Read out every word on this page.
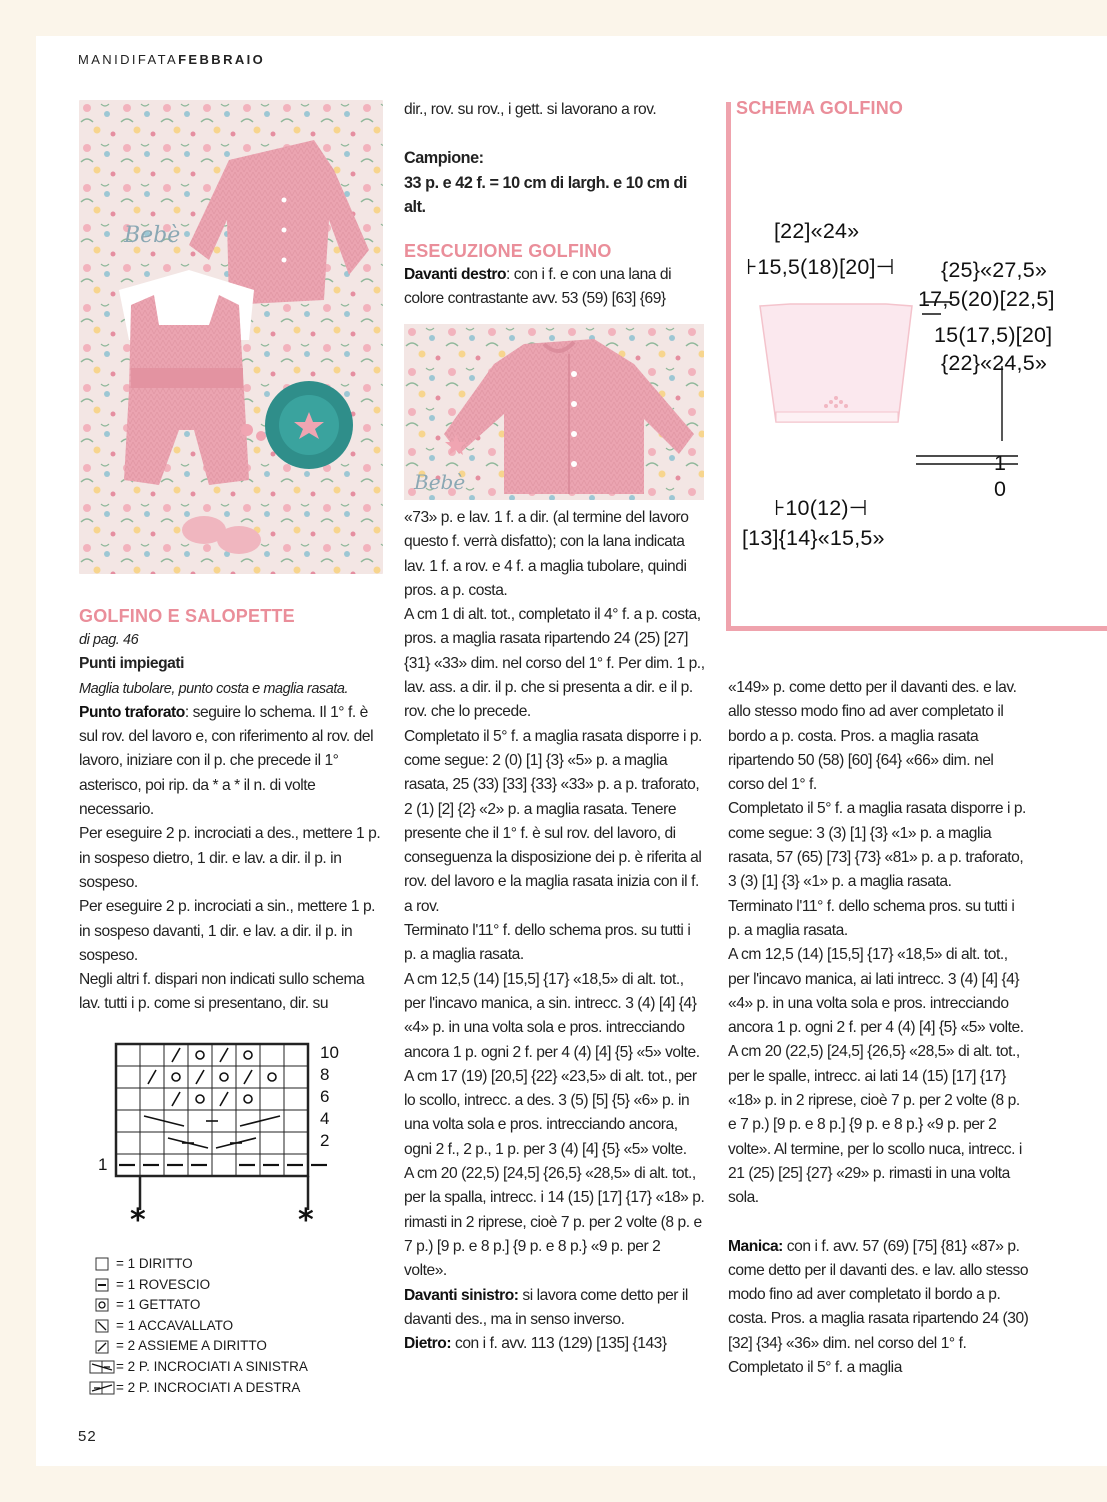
MANIDIFATAFEBBRAIO
Bebè

GOLFINO E SALOPETTE

di pag. 46

Punti impiegati

Maglia tubolare, punto costa e maglia rasata.

Punto traforato: seguire lo schema. Il 1° f. è sul rov. del lavoro e, con riferimento al rov. del lavoro, iniziare con il p. che precede il 1° asterisco, poi rip. da * a * il n. di volte necessario.

Per eseguire 2 p. incrociati a des., mettere 1 p. in sospeso dietro, 1 dir. e lav. a dir. il p. in sospeso.

Per eseguire 2 p. incrociati a sin., mettere 1 p. in sospeso davanti, 1 dir. e lav. a dir. il p. in sospeso.

Negli altri f. dispari non indicati sullo schema lav. tutti i p. come si presentano, dir. su

10
8
6
4
2
1
*	*
= 1 DIRITTO
= 1 ROVESCIO
= 1 GETTATO
= 1 ACCAVALLATO
= 2 ASSIEME A DIRITTO
= 2 P. INCROCIATI A SINISTRA
= 2 P. INCROCIATI A DESTRA

dir., rov. su rov., i gett. si lavorano a rov.

Campione:

33 p. e 42 f. = 10 cm di largh. e 10 cm di alt.

ESECUZIONE GOLFINO

Davanti destro: con i f. e con una lana di colore contrastante avv. 53 (59) [63] {69}

Bebè

«73» p. e lav. 1 f. a dir. (al termine del lavoro questo f. verrà disfatto); con la lana indicata lav. 1 f. a rov. e 4 f. a maglia tubolare, quindi pros. a p. costa.

A cm 1 di alt. tot., completato il 4° f. a p. costa, pros. a maglia rasata ripartendo 24 (25) [27] {31} «33» dim. nel corso del 1° f. Per dim. 1 p., lav. ass. a dir. il p. che si presenta a dir. e il p. rov. che lo precede.

Completato il 5° f. a maglia rasata disporre i p. come segue: 2 (0) [1] {3} «5» p. a maglia rasata, 25 (33) [33] {33} «33» p. a p. traforato, 2 (1) [2] {2} «2» p. a maglia rasata. Tenere presente che il 1° f. è sul rov. del lavoro, di conseguenza la disposizione dei p. è riferita al rov. del lavoro e la maglia rasata inizia con il f. a rov.

Terminato l'11° f. dello schema pros. su tutti i p. a maglia rasata.

A cm 12,5 (14) [15,5] {17} «18,5» di alt. tot., per l'incavo manica, a sin. intrecc. 3 (4) [4] {4} «4» p. in una volta sola e pros. intrecciando ancora 1 p. ogni 2 f. per 4 (4) [4] {5} «5» volte.

A cm 17 (19) [20,5] {22} «23,5» di alt. tot., per lo scollo, intrecc. a des. 3 (5) [5] {5} «6» p. in una volta sola e pros. intrecciando ancora, ogni 2 f., 2 p., 1 p. per 3 (4) [4] {5} «5» volte.

A cm 20 (22,5) [24,5] {26,5} «28,5» di alt. tot., per la spalla, intrecc. i 14 (15) [17] {17} «18» p. rimasti in 2 riprese, cioè 7 p. per 2 volte (8 p. e 7 p.) [9 p. e 8 p.] {9 p. e 8 p.} «9 p. per 2 volte».

Davanti sinistro: si lavora come detto per il davanti des., ma in senso inverso.

Dietro: con i f. avv. 113 (129) [135] {143}

SCHEMA GOLFINO
[22]«24»
⊦15,5(18)[20]⊣ {25}«27,5»
17,5(20)[22,5]
15(17,5)[20]
{22}«24,5»
1
0
⊦10(12)⊣
[13]{14}«15,5»

«149» p. come detto per il davanti des. e lav. allo stesso modo fino ad aver completato il bordo a p. costa. Pros. a maglia rasata ripartendo 50 (58) [60] {64} «66» dim. nel corso del 1° f.

Completato il 5° f. a maglia rasata disporre i p. come segue: 3 (3) [1] {3} «1» p. a maglia rasata, 57 (65) [73] {73} «81» p. a p. traforato, 3 (3) [1] {3} «1» p. a maglia rasata.

Terminato l'11° f. dello schema pros. su tutti i p. a maglia rasata.

A cm 12,5 (14) [15,5] {17} «18,5» di alt. tot., per l'incavo manica, ai lati intrecc. 3 (4) [4] {4} «4» p. in una volta sola e pros. intrecciando ancora 1 p. ogni 2 f. per 4 (4) [4] {5} «5» volte.

A cm 20 (22,5) [24,5] {26,5} «28,5» di alt. tot., per le spalle, intrecc. ai lati 14 (15) [17] {17} «18» p. in 2 riprese, cioè 7 p. per 2 volte (8 p. e 7 p.) [9 p. e 8 p.] {9 p. e 8 p.} «9 p. per 2 volte». Al termine, per lo scollo nuca, intrecc. i 21 (25) [25] {27} «29» p. rimasti in una volta sola.

Manica: con i f. avv. 57 (69) [75] {81} «87» p. come detto per il davanti des. e lav. allo stesso modo fino ad aver completato il bordo a p. costa. Pros. a maglia rasata ripartendo 24 (30) [32] {34} «36» dim. nel corso del 1° f. Completato il 5° f. a maglia

52
